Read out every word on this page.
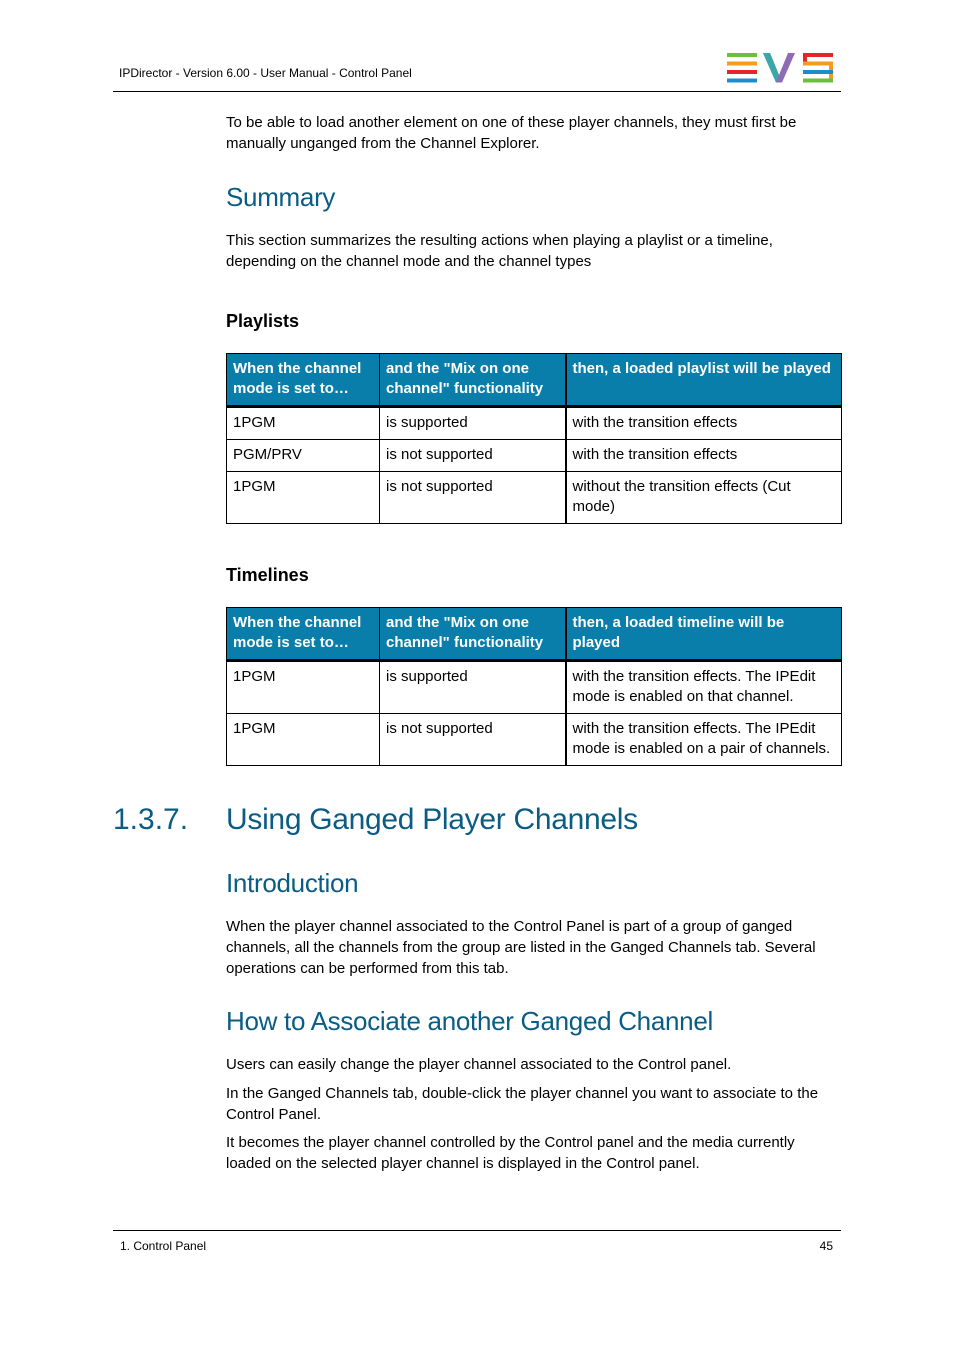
IPDirector - Version 6.00 - User Manual - Control Panel

To be able to load another element on one of these player channels, they must first be manually unganged from the Channel Explorer.

Summary

This section summarizes the resulting actions when playing a playlist or a timeline, depending on the channel mode and the channel types

Playlists
When the channel mode is set to…	and the "Mix on one channel" functionality …	then, a loaded playlist will be played

1PGM	is supported	with the transition effects
PGM/PRV	is not supported	with the transition effects
1PGM	is not supported	without the transition effects (Cut mode)
Timelines
When the channel mode is set to…	and the "Mix on one channel" functionality …	then, a loaded timeline will be played

1PGM	is supported	with the transition effects. The IPEdit mode is enabled on that channel.
1PGM	is not supported	with the transition effects. The IPEdit mode is enabled on a pair of channels.
1.3.7. Using Ganged Player Channels
Introduction

When the player channel associated to the Control Panel is part of a group of ganged channels, all the channels from the group are listed in the Ganged Channels tab. Several operations can be performed from this tab.

How to Associate another Ganged Channel

Users can easily change the player channel associated to the Control panel.

In the Ganged Channels tab, double-click the player channel you want to associate to the Control Panel.

It becomes the player channel controlled by the Control panel and the media currently loaded on the selected player channel is displayed in the Control panel.

1. Control Panel	45
